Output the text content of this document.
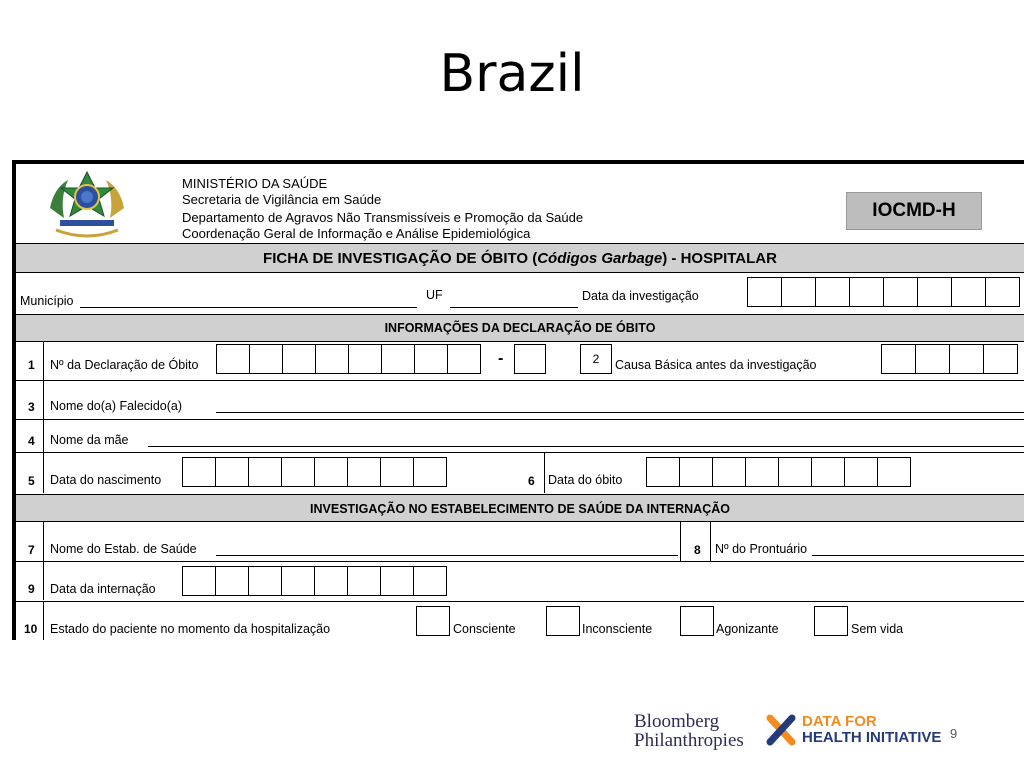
Brazil
MINISTÉRIO DA SAÚDE
Secretaria de Vigilância em Saúde
Departamento de Agravos Não Transmissíveis e Promoção da Saúde
Coordenação Geral de Informação e Análise Epidemiológica
IOCMD-H
FICHA DE INVESTIGAÇÃO DE ÓBITO (Códigos Garbage) - HOSPITALAR
Município	UF	Data da investigação
INFORMAÇÕES DA DECLARAÇÃO DE ÓBITO
1 Nº da Declaração de Óbito	-	2	Causa Básica antes da investigação
3 Nome do(a) Falecido(a)
4 Nome da mãe
5 Data do nascimento	6 Data do óbito
INVESTIGAÇÃO NO ESTABELECIMENTO DE SAÚDE DA INTERNAÇÃO
7 Nome do Estab. de Saúde	8 Nº do Prontuário
9 Data da internação
10 Estado do paciente no momento da hospitalização	Consciente	Inconsciente	Agonizante	Sem vida
Bloomberg
Philanthropies
DATA FOR
HEALTH INITIATIVE 9
